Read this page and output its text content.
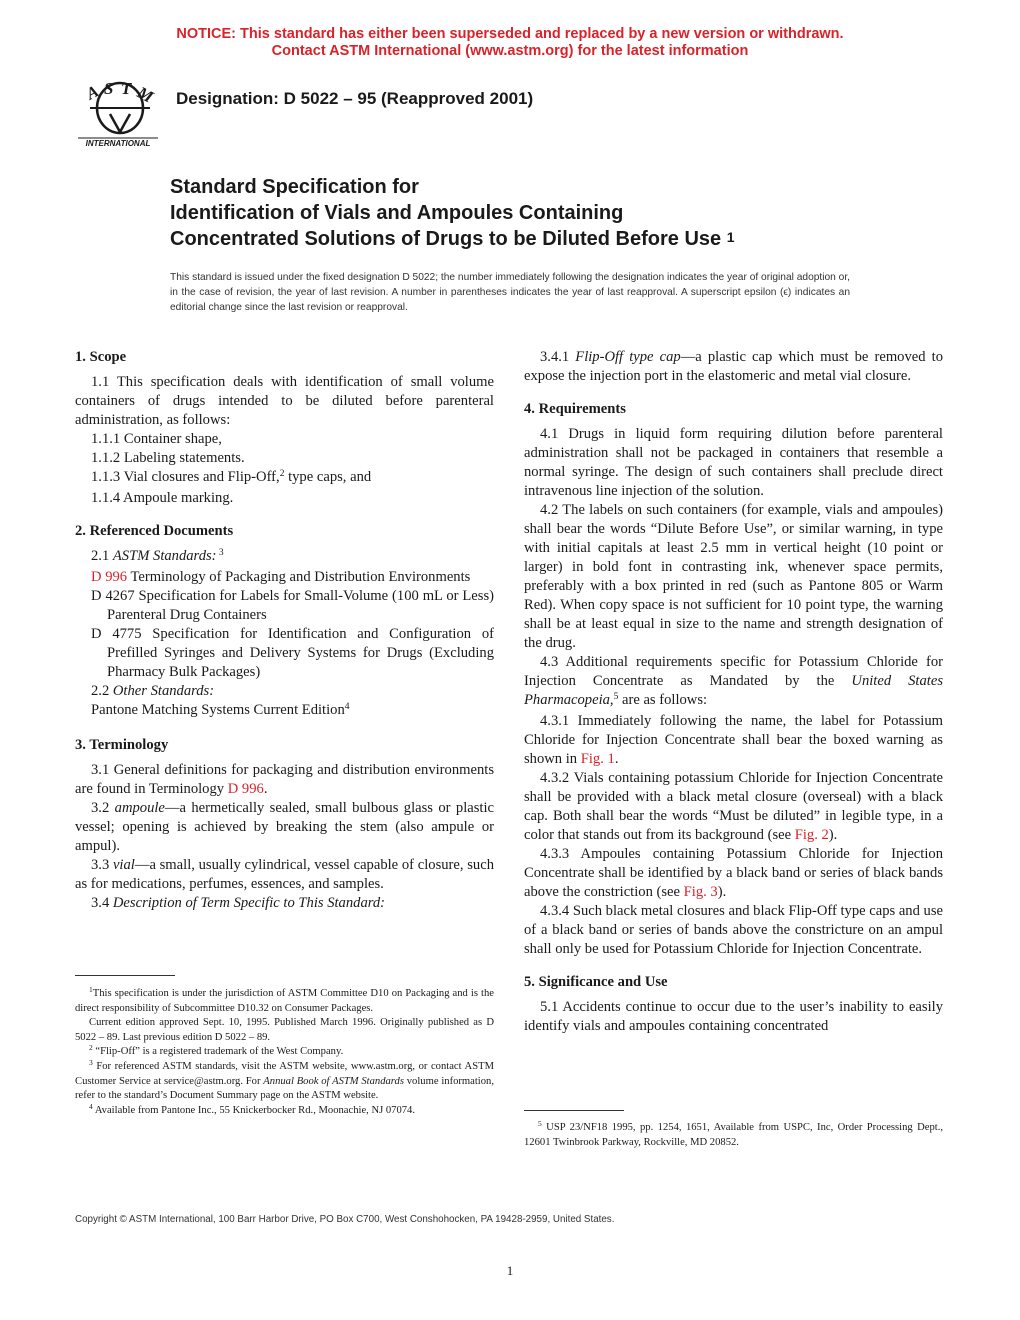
NOTICE: This standard has either been superseded and replaced by a new version or withdrawn.
Contact ASTM International (www.astm.org) for the latest information
A S T M
INTERNATIONAL
Designation: D 5022 – 95 (Reapproved 2001)
Standard Specification for
Identification of Vials and Ampoules Containing
Concentrated Solutions of Drugs to be Diluted Before Use $^1$
This standard is issued under the fixed designation D 5022; the number immediately following the designation indicates the year of original adoption or, in the case of revision, the year of last revision. A number in parentheses indicates the year of last reapproval. A superscript epsilon (ϵ) indicates an editorial change since the last revision or reapproval.
1. Scope

1.1 This specification deals with identification of small volume containers of drugs intended to be diluted before parenteral administration, as follows:

1.1.1 Container shape,

1.1.2 Labeling statements.

1.1.3 Vial closures and Flip-Off,$^2$ type caps, and

1.1.4 Ampoule marking.

2. Referenced Documents

2.1 ASTM Standards: $^3$

D 996 Terminology of Packaging and Distribution Environments

D 4267 Specification for Labels for Small-Volume (100 mL or Less) Parenteral Drug Containers

D 4775 Specification for Identification and Configuration of Prefilled Syringes and Delivery Systems for Drugs (Excluding Pharmacy Bulk Packages)

2.2 Other Standards:

Pantone Matching Systems Current Edition$^4$

3. Terminology

3.1 General definitions for packaging and distribution environments are found in Terminology D 996.

3.2 ampoule—a hermetically sealed, small bulbous glass or plastic vessel; opening is achieved by breaking the stem (also ampule or ampul).

3.3 vial—a small, usually cylindrical, vessel capable of closure, such as for medications, perfumes, essences, and samples.

3.4 Description of Term Specific to This Standard:

$^1$This specification is under the jurisdiction of ASTM Committee D10 on Packaging and is the direct responsibility of Subcommittee D10.32 on Consumer Packages.

Current edition approved Sept. 10, 1995. Published March 1996. Originally published as D 5022 – 89. Last previous edition D 5022 – 89.

$^2$ “Flip-Off” is a registered trademark of the West Company.

$^3$ For referenced ASTM standards, visit the ASTM website, www.astm.org, or contact ASTM Customer Service at service@astm.org. For Annual Book of ASTM Standards volume information, refer to the standard’s Document Summary page on the ASTM website.

$^4$ Available from Pantone Inc., 55 Knickerbocker Rd., Moonachie, NJ 07074.

3.4.1 Flip-Off type cap—a plastic cap which must be removed to expose the injection port in the elastomeric and metal vial closure.

4. Requirements

4.1 Drugs in liquid form requiring dilution before parenteral administration shall not be packaged in containers that resemble a normal syringe. The design of such containers shall preclude direct intravenous line injection of the solution.

4.2 The labels on such containers (for example, vials and ampoules) shall bear the words “Dilute Before Use”, or similar warning, in type with initial capitals at least 2.5 mm in vertical height (10 point or larger) in bold font in contrasting ink, whenever space permits, preferably with a box printed in red (such as Pantone 805 or Warm Red). When copy space is not sufficient for 10 point type, the warning shall be at least equal in size to the name and strength designation of the drug.

4.3 Additional requirements specific for Potassium Chloride for Injection Concentrate as Mandated by the United States Pharmacopeia,$^5$ are as follows:

4.3.1 Immediately following the name, the label for Potassium Chloride for Injection Concentrate shall bear the boxed warning as shown in Fig. 1.

4.3.2 Vials containing potassium Chloride for Injection Concentrate shall be provided with a black metal closure (overseal) with a black cap. Both shall bear the words “Must be diluted” in legible type, in a color that stands out from its background (see Fig. 2).

4.3.3 Ampoules containing Potassium Chloride for Injection Concentrate shall be identified by a black band or series of black bands above the constriction (see Fig. 3).

4.3.4 Such black metal closures and black Flip-Off type caps and use of a black band or series of bands above the constricture on an ampul shall only be used for Potassium Chloride for Injection Concentrate.

5. Significance and Use

5.1 Accidents continue to occur due to the user’s inability to easily identify vials and ampoules containing concentrated

$^5$ USP 23/NF18 1995, pp. 1254, 1651, Available from USPC, Inc, Order Processing Dept., 12601 Twinbrook Parkway, Rockville, MD 20852.

Copyright © ASTM International, 100 Barr Harbor Drive, PO Box C700, West Conshohocken, PA 19428-2959, United States.
1
